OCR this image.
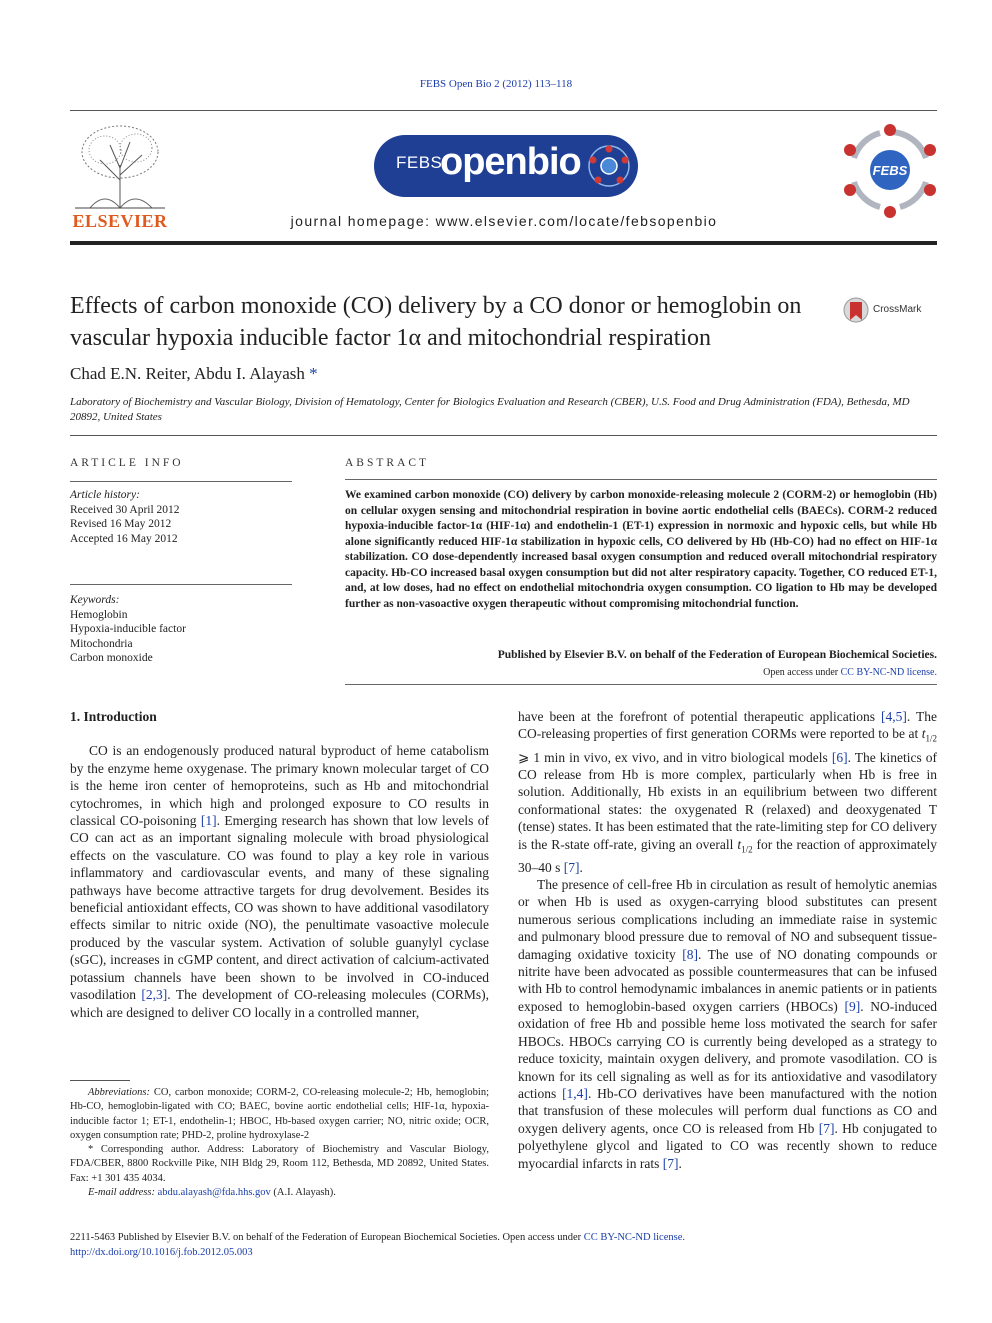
FEBS Open Bio 2 (2012) 113–118
ELSEVIER
FEBS
openbio
journal homepage: www.elsevier.com/locate/febsopenbio
FEBS
Effects of carbon monoxide (CO) delivery by a CO donor or hemoglobin on vascular hypoxia inducible factor 1α and mitochondrial respiration
CrossMark
Chad E.N. Reiter, Abdu I. Alayash *
Laboratory of Biochemistry and Vascular Biology, Division of Hematology, Center for Biologics Evaluation and Research (CBER), U.S. Food and Drug Administration (FDA), Bethesda, MD 20892, United States
ARTICLE INFO
Article history:
Received 30 April 2012
Revised 16 May 2012
Accepted 16 May 2012
Keywords:
Hemoglobin
Hypoxia-inducible factor
Mitochondria
Carbon monoxide
ABSTRACT
We examined carbon monoxide (CO) delivery by carbon monoxide-releasing molecule 2 (CORM-2) or hemoglobin (Hb) on cellular oxygen sensing and mitochondrial respiration in bovine aortic endothelial cells (BAECs). CORM-2 reduced hypoxia-inducible factor-1α (HIF-1α) and endothelin-1 (ET-1) expression in normoxic and hypoxic cells, but while Hb alone significantly reduced HIF-1α stabilization in hypoxic cells, CO delivered by Hb (Hb-CO) had no effect on HIF-1α stabilization. CO dose-dependently increased basal oxygen consumption and reduced overall mitochondrial respiratory capacity. Hb-CO increased basal oxygen consumption but did not alter respiratory capacity. Together, CO reduced ET-1, and, at low doses, had no effect on endothelial mitochondria oxygen consumption. CO ligation to Hb may be developed further as non-vasoactive oxygen therapeutic without compromising mitochondrial function.
Published by Elsevier B.V. on behalf of the Federation of European Biochemical Societies.
Open access under CC BY-NC-ND license.

1. Introduction

CO is an endogenously produced natural byproduct of heme catabolism by the enzyme heme oxygenase. The primary known molecular target of CO is the heme iron center of hemoproteins, such as Hb and mitochondrial cytochromes, in which high and prolonged exposure to CO results in classical CO-poisoning [1]. Emerging research has shown that low levels of CO can act as an important signaling molecule with broad physiological effects on the vasculature. CO was found to play a key role in various inflammatory and cardiovascular events, and many of these signaling pathways have become attractive targets for drug devolvement. Besides its beneficial antioxidant effects, CO was shown to have additional vasodilatory effects similar to nitric oxide (NO), the penultimate vasoactive molecule produced by the vascular system. Activation of soluble guanylyl cyclase (sGC), increases in cGMP content, and direct activation of calcium-activated potassium channels have been shown to be involved in CO-induced vasodilation [2,3]. The development of CO-releasing molecules (CORMs), which are designed to deliver CO locally in a controlled manner,

have been at the forefront of potential therapeutic applications [4,5]. The CO-releasing properties of first generation CORMs were reported to be at $t_{1/2}$ ⩾ 1 min in vivo, ex vivo, and in vitro biological models [6]. The kinetics of CO release from Hb is more complex, particularly when Hb is free in solution. Additionally, Hb exists in an equilibrium between two different conformational states: the oxygenated R (relaxed) and deoxygenated T (tense) states. It has been estimated that the rate-limiting step for CO delivery is the R-state off-rate, giving an overall $t_{1/2}$ for the reaction of approximately 30–40 s [7].

The presence of cell-free Hb in circulation as result of hemolytic anemias or when Hb is used as oxygen-carrying blood substitutes can present numerous serious complications including an immediate raise in systemic and pulmonary blood pressure due to removal of NO and subsequent tissue-damaging oxidative toxicity [8]. The use of NO donating compounds or nitrite have been advocated as possible countermeasures that can be infused with Hb to control hemodynamic imbalances in anemic patients or in patients exposed to hemoglobin-based oxygen carriers (HBOCs) [9]. NO-induced oxidation of free Hb and possible heme loss motivated the search for safer HBOCs. HBOCs carrying CO is currently being developed as a strategy to reduce toxicity, maintain oxygen delivery, and promote vasodilation. CO is known for its cell signaling as well as for its antioxidative and vasodilatory actions [1,4]. Hb-CO derivatives have been manufactured with the notion that transfusion of these molecules will perform dual functions as CO and oxygen delivery agents, once CO is released from Hb [7]. Hb conjugated to polyethylene glycol and ligated to CO was recently shown to reduce myocardial infarcts in rats [7].

Abbreviations: CO, carbon monoxide; CORM-2, CO-releasing molecule-2; Hb, hemoglobin; Hb-CO, hemoglobin-ligated with CO; BAEC, bovine aortic endothelial cells; HIF-1α, hypoxia-inducible factor 1; ET-1, endothelin-1; HBOC, Hb-based oxygen carrier; NO, nitric oxide; OCR, oxygen consumption rate; PHD-2, proline hydroxylase-2

* Corresponding author. Address: Laboratory of Biochemistry and Vascular Biology, FDA/CBER, 8800 Rockville Pike, NIH Bldg 29, Room 112, Bethesda, MD 20892, United States. Fax: +1 301 435 4034.

E-mail address: abdu.alayash@fda.hhs.gov (A.I. Alayash).

2211-5463 Published by Elsevier B.V. on behalf of the Federation of European Biochemical Societies. Open access under CC BY-NC-ND license.
http://dx.doi.org/10.1016/j.fob.2012.05.003
